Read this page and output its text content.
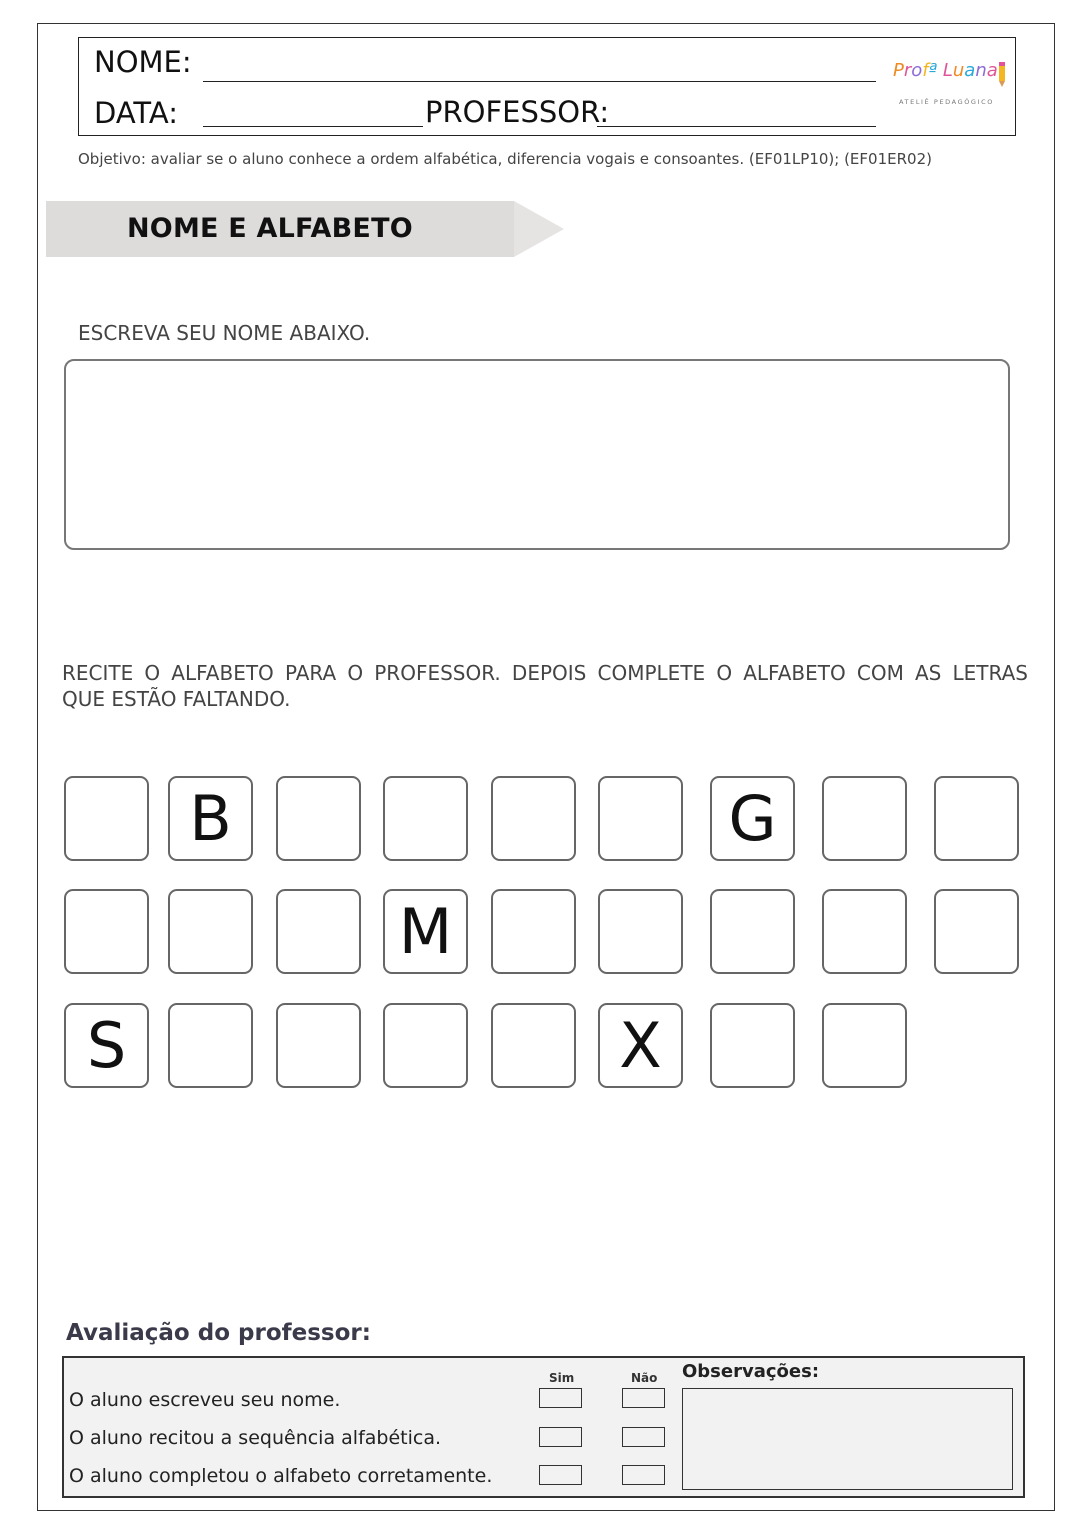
NOME:
DATA:	PROFESSOR:
Profª Luana
ATELIÊ PEDAGÓGICO
Objetivo: avaliar se o aluno conhece a ordem alfabética, diferencia vogais e consoantes. (EF01LP10); (EF01ER02)
NOME E ALFABETO
ESCREVA SEU NOME ABAIXO.
RECITE O ALFABETO PARA O PROFESSOR. DEPOIS COMPLETE O ALFABETO COM AS LETRAS
QUE ESTÃO FALTANDO.
B	G
M
S	X
Avaliação do professor:
Sim	Não Observações:
O aluno escreveu seu nome.
O aluno recitou a sequência alfabética.
O aluno completou o alfabeto corretamente.
